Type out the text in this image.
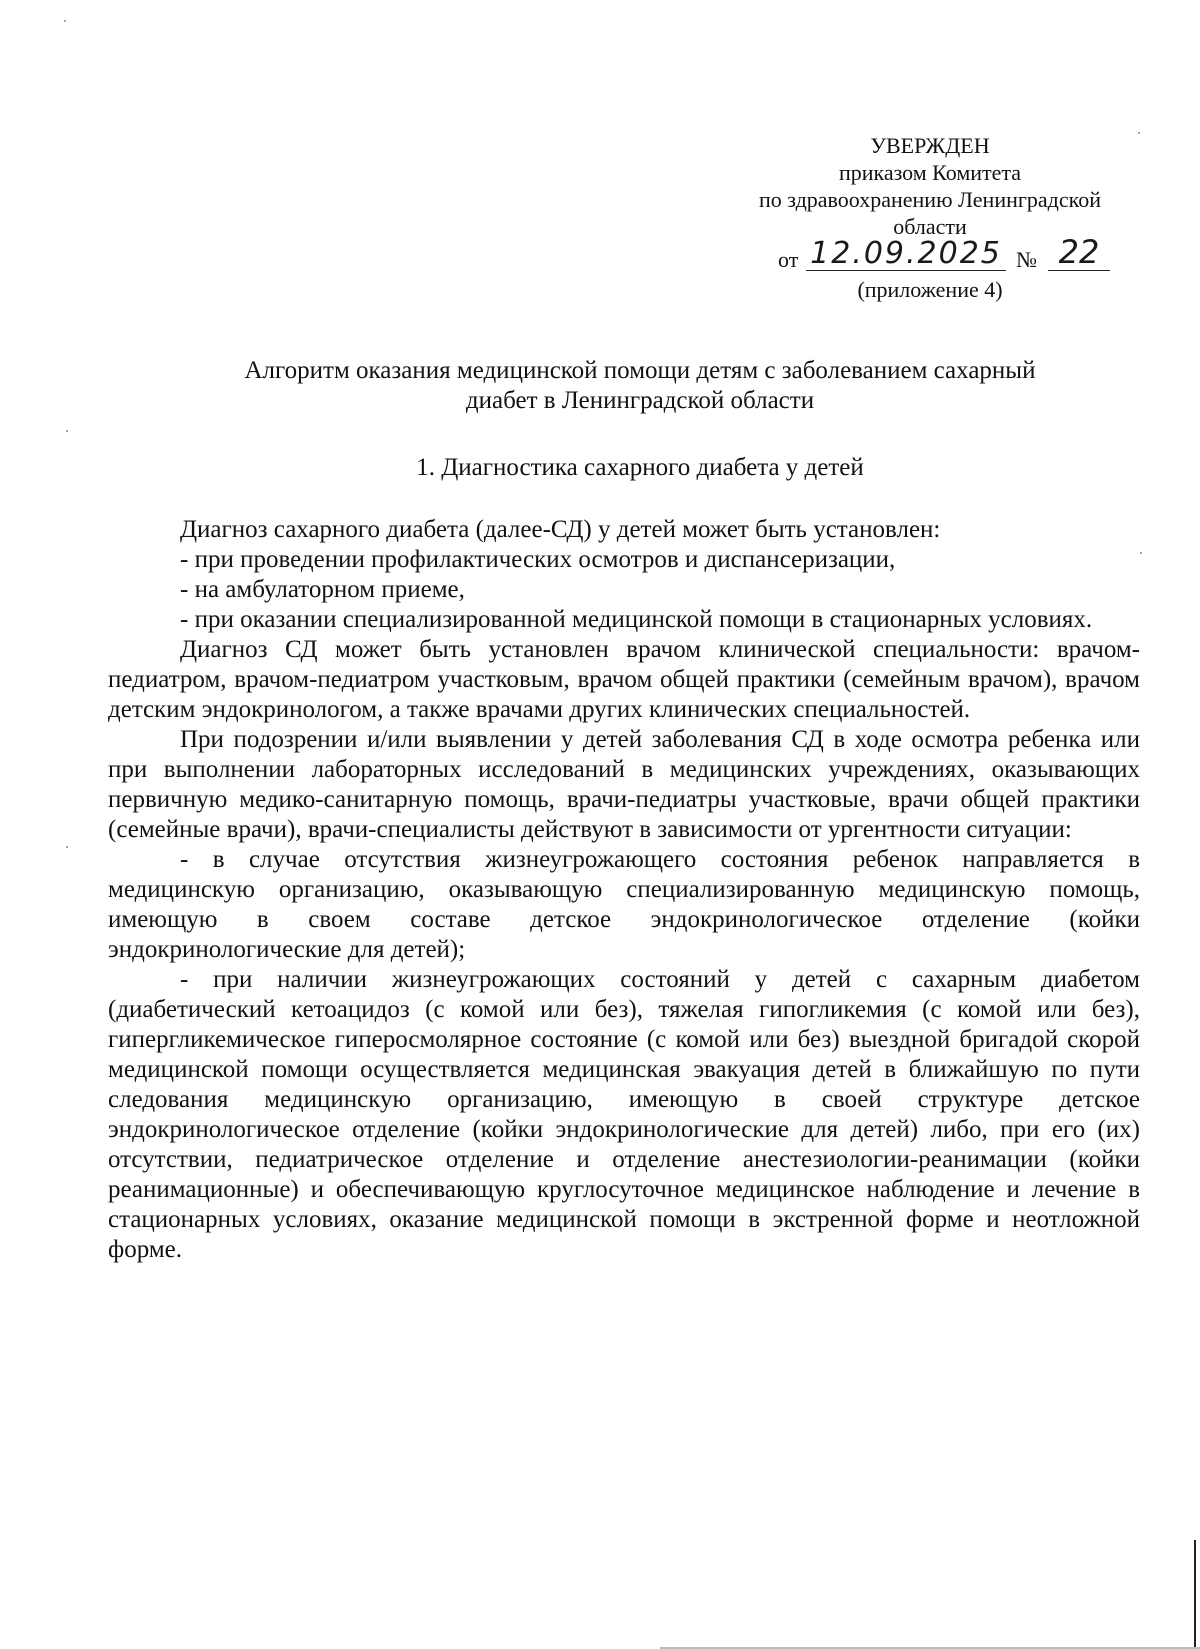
УВЕРЖДЕН
приказом Комитета
по здравоохранению Ленинградской
области
от 12.09.2025 № 22
(приложение 4)
Алгоритм оказания медицинской помощи детям с заболеванием сахарный
диабет в Ленинградской области
1. Диагностика сахарного диабета у детей

Диагноз сахарного диабета (далее-СД) у детей может быть установлен:

- при проведении профилактических осмотров и диспансеризации,

- на амбулаторном приеме,

- при оказании специализированной медицинской помощи в стационарных условиях.

Диагноз СД может быть установлен врачом клинической специальности: врачом-педиатром, врачом-педиатром участковым, врачом общей практики (семейным врачом), врачом детским эндокринологом, а также врачами других клинических специальностей.

При подозрении и/или выявлении у детей заболевания СД в ходе осмотра ребенка или при выполнении лабораторных исследований в медицинских учреждениях, оказывающих первичную медико-санитарную помощь, врачи-педиатры участковые, врачи общей практики (семейные врачи), врачи-специалисты действуют в зависимости от ургентности ситуации:

- в случае отсутствия жизнеугрожающего состояния ребенок направляется в медицинскую организацию, оказывающую специализированную медицинскую помощь, имеющую в своем составе детское эндокринологическое отделение (койки эндокринологические для детей);

- при наличии жизнеугрожающих состояний у детей с сахарным диабетом (диабетический кетоацидоз (с комой или без), тяжелая гипогликемия (с комой или без), гипергликемическое гиперосмолярное состояние (с комой или без) выездной бригадой скорой медицинской помощи осуществляется медицинская эвакуация детей в ближайшую по пути следования медицинскую организацию, имеющую в своей структуре детское эндокринологическое отделение (койки эндокринологические для детей) либо, при его (их) отсутствии, педиатрическое отделение и отделение анестезиологии-реанимации (койки реанимационные) и обеспечивающую круглосуточное медицинское наблюдение и лечение в стационарных условиях, оказание медицинской помощи в экстренной форме и неотложной форме.
